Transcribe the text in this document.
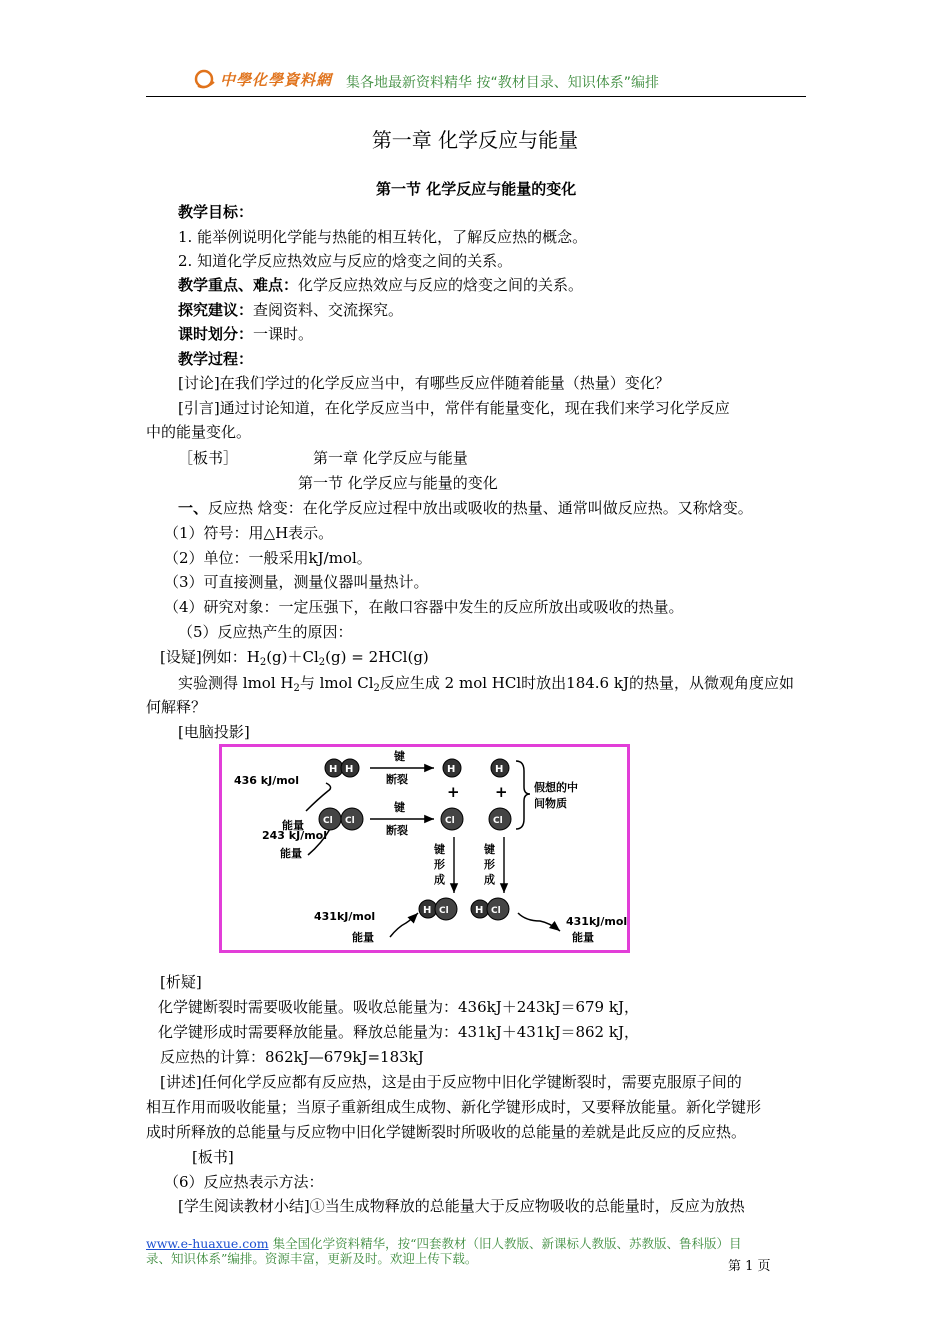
中學化學資料網 集各地最新资料精华 按“教材目录、知识体系”编排
第一章 化学反应与能量
第一节 化学反应与能量的变化
教学目标：
1. 能举例说明化学能与热能的相互转化，了解反应热的概念。
2. 知道化学反应热效应与反应的焓变之间的关系。
教学重点、难点：化学反应热效应与反应的焓变之间的关系。
探究建议：查阅资料、交流探究。
课时划分：一课时。
教学过程：
[讨论]在我们学过的化学反应当中，有哪些反应伴随着能量（热量）变化？
[引言]通过讨论知道，在化学反应当中，常伴有能量变化，现在我们来学习化学反应
中的能量变化。
［板书］	第一章 化学反应与能量
第一节 化学反应与能量的变化
一、反应热 焓变：在化学反应过程中放出或吸收的热量、通常叫做反应热。又称焓变。
（1）符号：用△H表示。
（2）单位：一般采用kJ/mol。
（3）可直接测量，测量仪器叫量热计。
（4）研究对象：一定压强下，在敞口容器中发生的反应所放出或吸收的热量。
（5）反应热产生的原因：
[设疑]例如：$H_2(g)+Cl_2(g) = 2HCl(g)$
实验测得 lmol $H_2$与 lmol $Cl_2$反应生成 2 mol HCl时放出184.6 kJ的热量，从微观角度应如
何解释？
[电脑投影]
436 kJ/mol
能量
243 kJ/mol
能量
H H
Cl Cl
键
断裂
键
断裂
H
+
Cl
H
+
Cl
假想的中
间物质
键
形
成
键
形
成
H Cl	H Cl
431kJ/mol
能量
431kJ/mol
能量
[析疑]
化学键断裂时需要吸收能量。吸收总能量为：436kJ＋243kJ＝679 kJ，
化学键形成时需要释放能量。释放总能量为：431kJ＋431kJ＝862 kJ，
反应热的计算：862kJ—679kJ=183kJ
[讲述]任何化学反应都有反应热，这是由于反应物中旧化学键断裂时，需要克服原子间的
相互作用而吸收能量；当原子重新组成生成物、新化学键形成时，又要释放能量。新化学键形
成时所释放的总能量与反应物中旧化学键断裂时所吸收的总能量的差就是此反应的反应热。
[板书]
（6）反应热表示方法：
[学生阅读教材小结]①当生成物释放的总能量大于反应物吸收的总能量时，反应为放热
www.e-huaxue.com 集全国化学资料精华，按“四套教材（旧人教版、新课标人教版、苏教版、鲁科版）目
录、知识体系”编排。资源丰富，更新及时。欢迎上传下载。
第 1 页
